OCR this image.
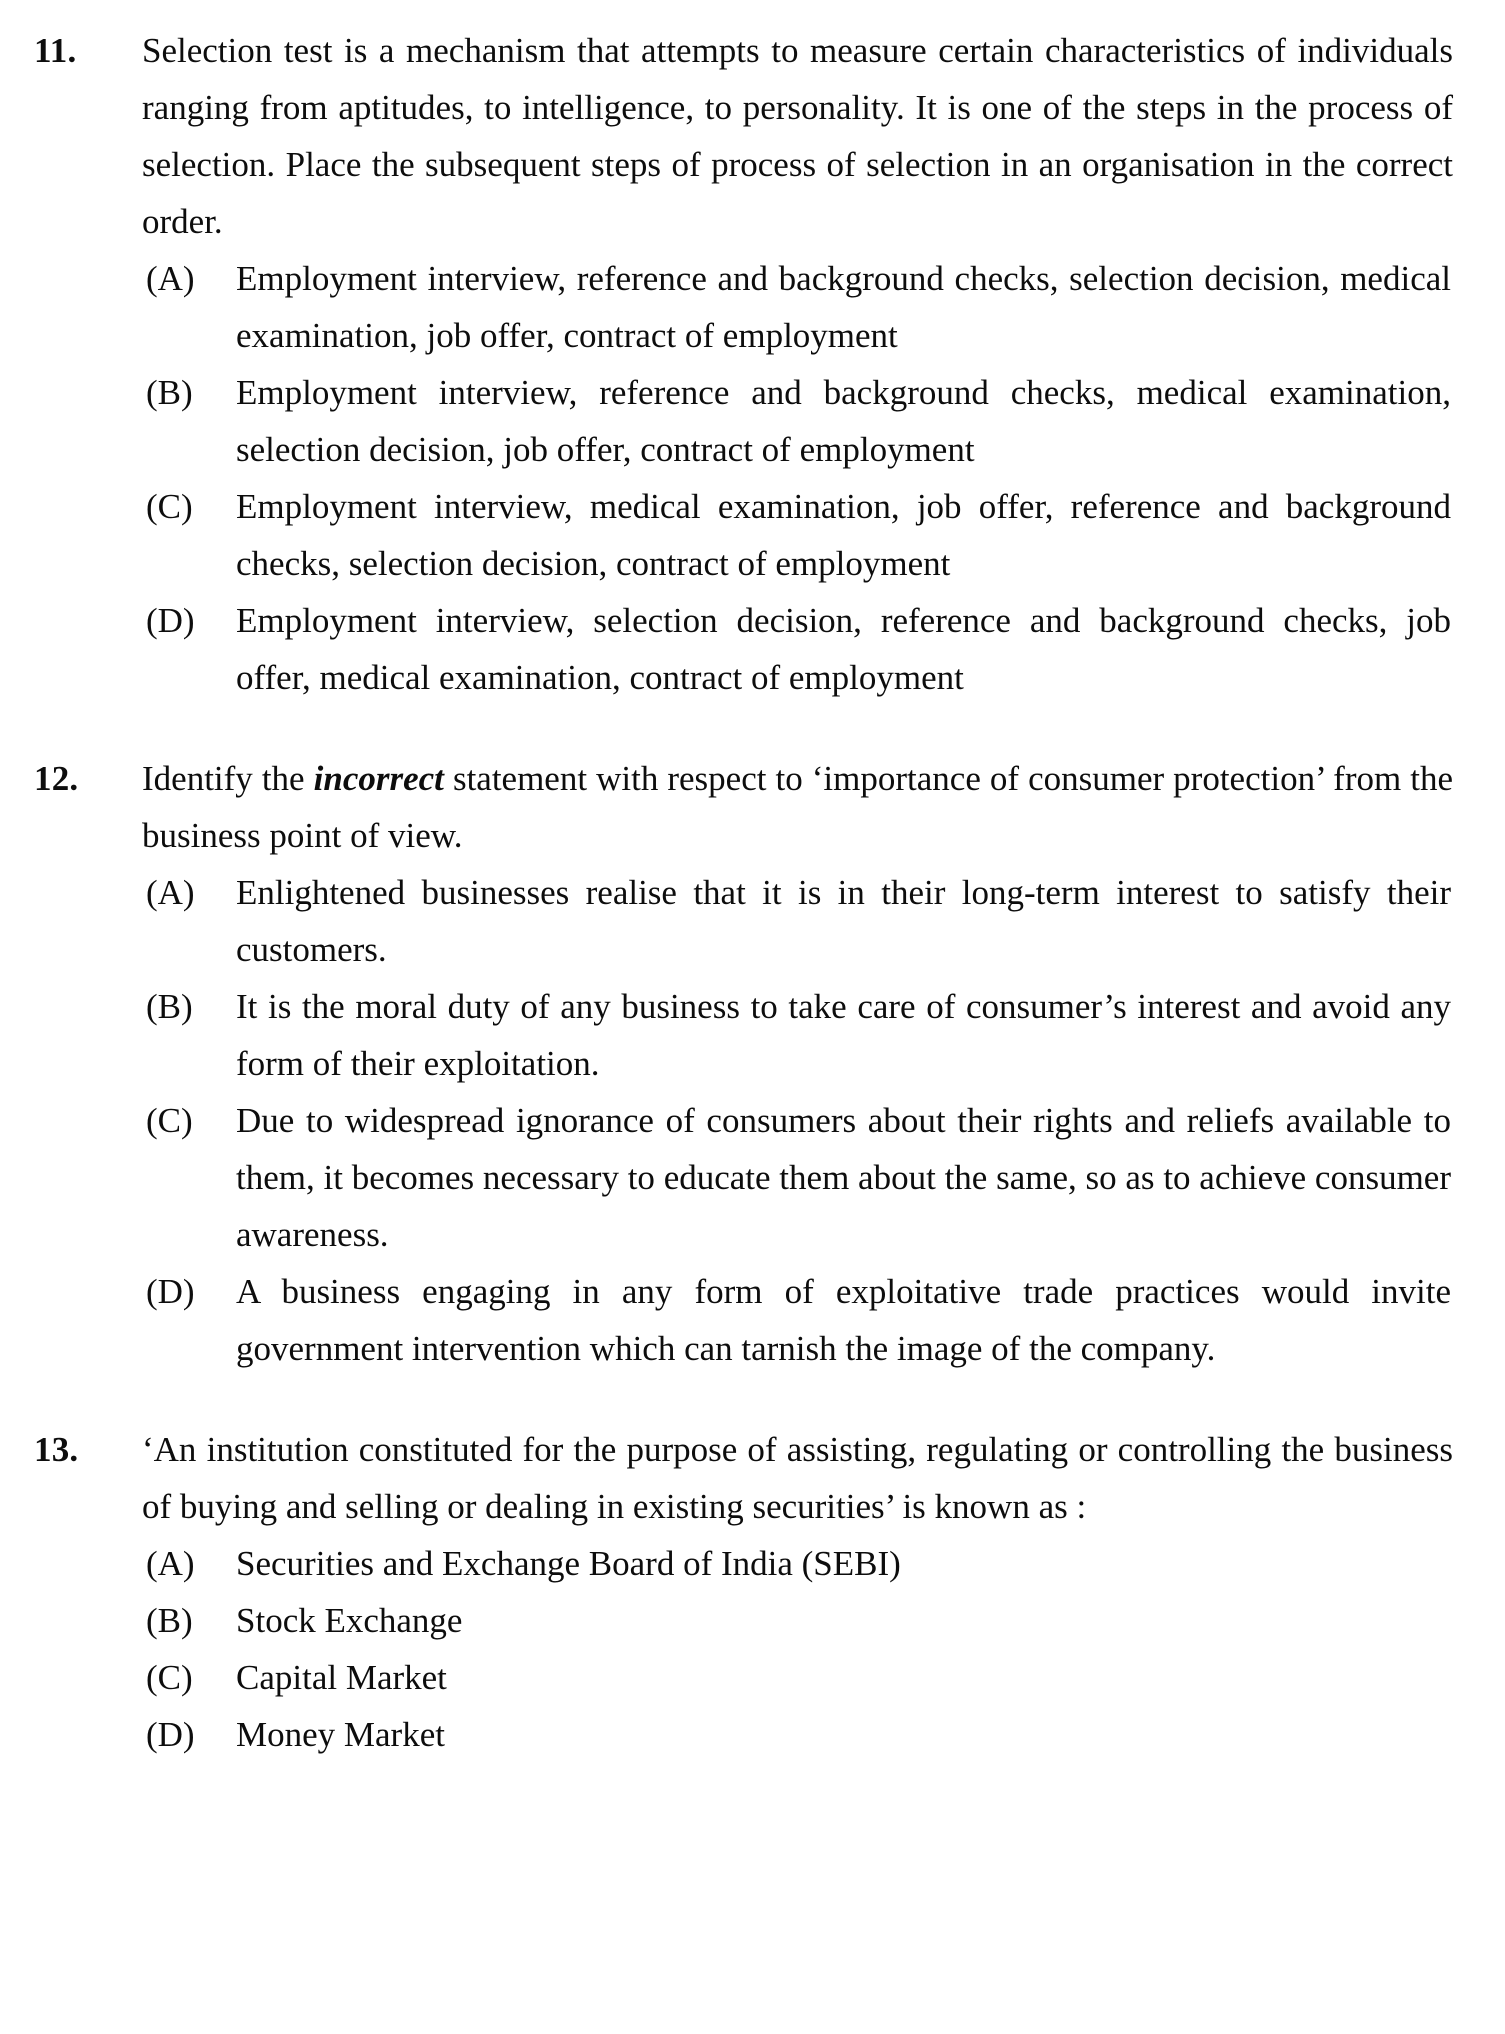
11.	Selection test is a mechanism that attempts to measure certain characteristics of individuals ranging from aptitudes, to intelligence, to personality. It is one of the steps in the process of selection. Place the subsequent steps of process of selection in an organisation in the correct order.

(A)	Employment interview, reference and background checks, selection decision, medical examination, job offer, contract of employment
(B)	Employment interview, reference and background checks, medical examination, selection decision, job offer, contract of employment
(C)	Employment interview, medical examination, job offer, reference and background checks, selection decision, contract of employment
(D)	Employment interview, selection decision, reference and background checks, job offer, medical examination, contract of employment
12.	Identify the incorrect statement with respect to ‘importance of consumer protection’ from the business point of view.

(A)	Enlightened businesses realise that it is in their long-term interest to satisfy their customers.
(B)	It is the moral duty of any business to take care of consumer’s interest and avoid any form of their exploitation.
(C)	Due to widespread ignorance of consumers about their rights and reliefs available to them, it becomes necessary to educate them about the same, so as to achieve consumer awareness.
(D)	A business engaging in any form of exploitative trade practices would invite government intervention which can tarnish the image of the company.
13.	‘An institution constituted for the purpose of assisting, regulating or controlling the business of buying and selling or dealing in existing securities’ is known as :

(A)	Securities and Exchange Board of India (SEBI)
(B)	Stock Exchange
(C)	Capital Market
(D)	Money Market
